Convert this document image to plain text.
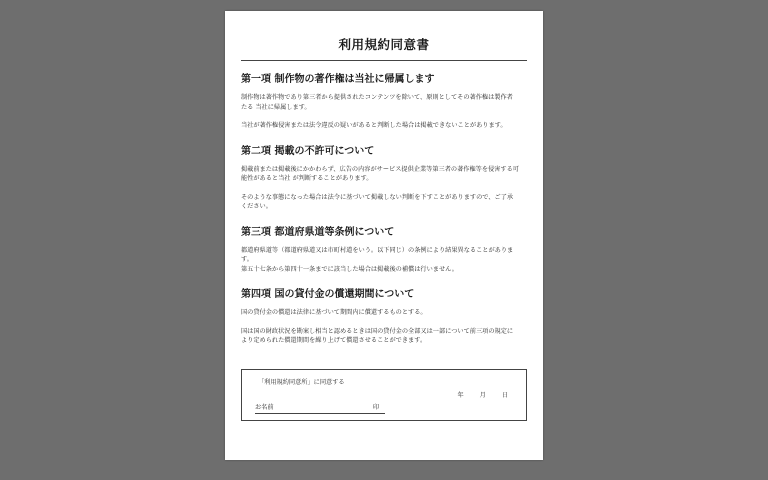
利用規約同意書
第一項 制作物の著作権は当社に帰属します
制作物は著作物であり第三者から提供されたコンテンツを除いて、原則としてその著作権は製作者
たる 当社に帰属します。
当社が著作権侵害または法令違反の疑いがあると判断した場合は掲載できないことがあります。
第二項 掲載の不許可について
掲載前または掲載後にかかわらず、広告の内容がサービス提供企業等第三者の著作権等を侵害する可
能性があると当社 が判断することがあります。
そのような事態になった場合は法令に基づいて掲載しない判断を下すことがありますので、ご了承
ください。
第三項 都道府県道等条例について
都道府県道等（都道府県道又は市町村道をいう。以下同じ）の条例により結果異なることがありま
す。
第五十七条から第四十一条までに該当した場合は掲載後の補償は行いません。
第四項 国の貸付金の償還期間について
国の貸付金の償還は法律に基づいて期間内に償還するものとする。
国は国の財政状況を勘案し相当と認めるときは国の貸付金の全部又は一部について前三項の規定に
より定められた償還期間を繰り上げて償還させることができます。
「利用規約同意所」に同意する
年	月	日
お名前	印
